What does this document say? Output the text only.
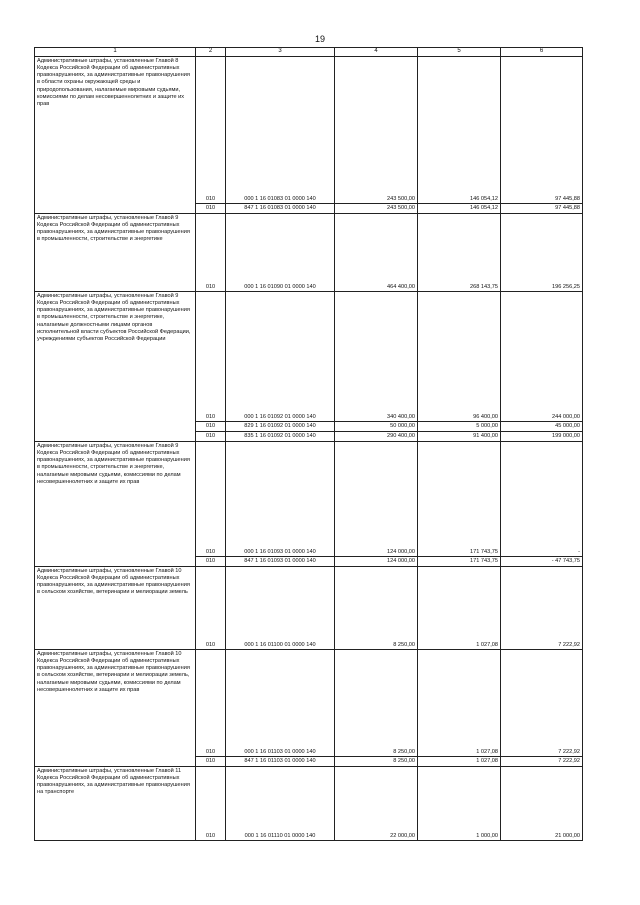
19
1	2	3	4	5	6
Административные штрафы, установленные Главой 8 Кодекса Российской Федерации об административных правонарушениях, за административные правонарушения в области охраны окружающей среды и природопользования, налагаемые мировыми судьями, комиссиями по делам несовершеннолетних и защите их прав	010	000 1 16 01083 01 0000 140	243 500,00	146 054,12	97 445,88
	010	847 1 16 01083 01 0000 140	243 500,00	146 054,12	97 445,88
Административные штрафы, установленные Главой 9 Кодекса Российской Федерации об административных правонарушениях, за административные правонарушения в промышленности, строительстве и энергетике	010	000 1 16 01090 01 0000 140	464 400,00	268 143,75	196 256,25
Административные штрафы, установленные Главой 9 Кодекса Российской Федерации об административных правонарушениях, за административные правонарушения в промышленности, строительстве и энергетике, налагаемые должностными лицами органов исполнительной власти субъектов Российской Федерации, учреждениями субъектов Российской Федерации	010	000 1 16 01092 01 0000 140	340 400,00	96 400,00	244 000,00
	010	829 1 16 01092 01 0000 140	50 000,00	5 000,00	45 000,00
	010	835 1 16 01092 01 0000 140	290 400,00	91 400,00	199 000,00
Административные штрафы, установленные Главой 9 Кодекса Российской Федерации об административных правонарушениях, за административные правонарушения в промышленности, строительстве и энергетике, налагаемые мировыми судьями, комиссиями по делам несовершеннолетних и защите их прав	010	000 1 16 01093 01 0000 140	124 000,00	171 743,75	-
	010	847 1 16 01093 01 0000 140	124 000,00	171 743,75	- 47 743,75
Административные штрафы, установленные Главой 10 Кодекса Российской Федерации об административных правонарушениях, за административные правонарушения в сельском хозяйстве, ветеринарии и мелиорации земель	010	000 1 16 01100 01 0000 140	8 250,00	1 027,08	7 222,92
Административные штрафы, установленные Главой 10 Кодекса Российской Федерации об административных правонарушениях, за административные правонарушения в сельском хозяйстве, ветеринарии и мелиорации земель, налагаемые мировыми судьями, комиссиями по делам несовершеннолетних и защите их прав	010	000 1 16 01103 01 0000 140	8 250,00	1 027,08	7 222,92
	010	847 1 16 01103 01 0000 140	8 250,00	1 027,08	7 222,92
Административные штрафы, установленные Главой 11 Кодекса Российской Федерации об административных правонарушениях, за административные правонарушения на транспорте	010	000 1 16 01110 01 0000 140	22 000,00	1 000,00	21 000,00
